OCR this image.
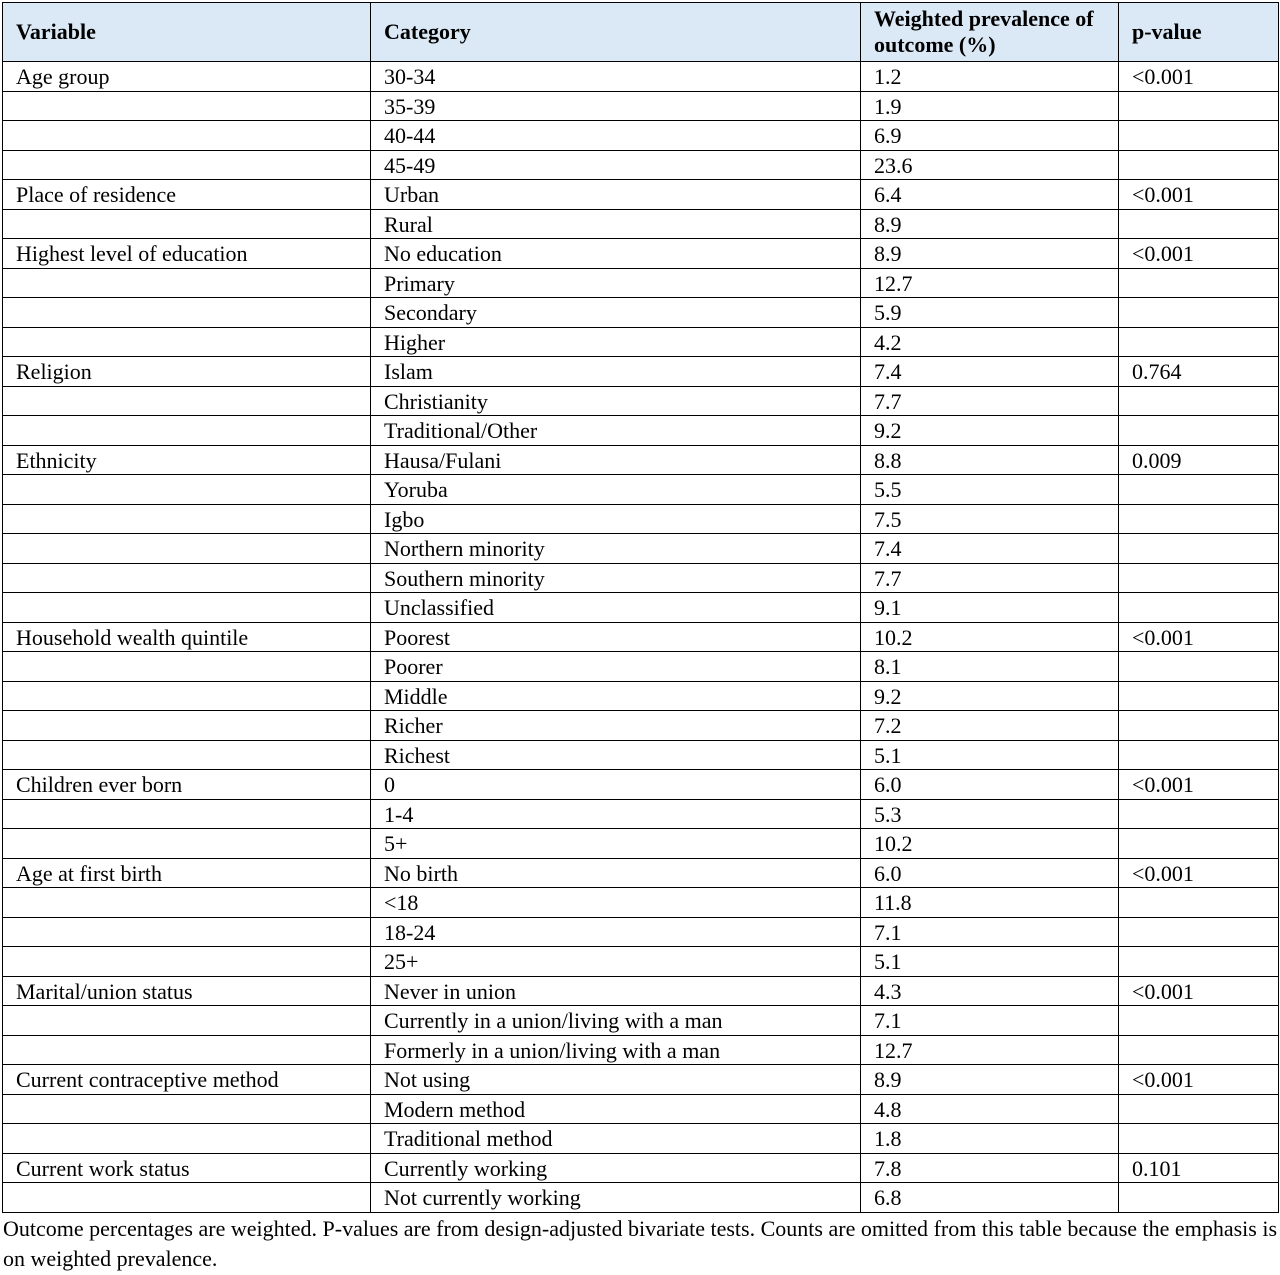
Variable	Category	Weighted prevalence of outcome (%)	p-value
Age group	30-34	1.2	<0.001
	35-39	1.9	
	40-44	6.9	
	45-49	23.6	
Place of residence	Urban	6.4	<0.001
	Rural	8.9	
Highest level of education	No education	8.9	<0.001
	Primary	12.7	
	Secondary	5.9	
	Higher	4.2	
Religion	Islam	7.4	0.764
	Christianity	7.7	
	Traditional/Other	9.2	
Ethnicity	Hausa/Fulani	8.8	0.009
	Yoruba	5.5	
	Igbo	7.5	
	Northern minority	7.4	
	Southern minority	7.7	
	Unclassified	9.1	
Household wealth quintile	Poorest	10.2	<0.001
	Poorer	8.1	
	Middle	9.2	
	Richer	7.2	
	Richest	5.1	
Children ever born	0	6.0	<0.001
	1-4	5.3	
	5+	10.2	
Age at first birth	No birth	6.0	<0.001
	<18	11.8	
	18-24	7.1	
	25+	5.1	
Marital/union status	Never in union	4.3	<0.001
	Currently in a union/living with a man	7.1	
	Formerly in a union/living with a man	12.7	
Current contraceptive method	Not using	8.9	<0.001
	Modern method	4.8	
	Traditional method	1.8	
Current work status	Currently working	7.8	0.101
	Not currently working	6.8	
Outcome percentages are weighted. P-values are from design-adjusted bivariate tests. Counts are omitted from this table because the emphasis is on weighted prevalence.
